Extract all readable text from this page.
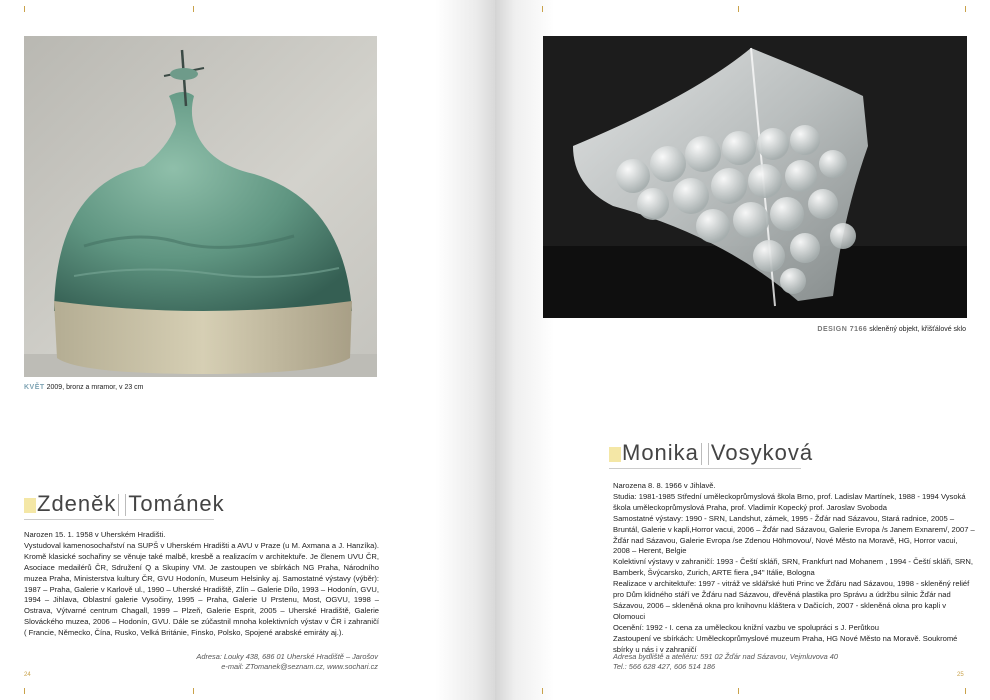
KVĚT 2009, bronz a mramor, v 23 cm
Zdeněk Tománek

Narozen 15. 1. 1958 v Uherském Hradišti.

Vystudoval kamenosochařství na SUPŠ v Uherském Hradišti a AVU v Praze (u M. Axmana a J. Hanzíka). Kromě klasické sochařiny se věnuje také malbě, kresbě a realizacím v architektuře. Je členem UVU ČR, Asociace medailérů ČR, Sdružení Q a Skupiny VM. Je zastoupen ve sbírkách NG Praha, Národního muzea Praha, Ministerstva kultury ČR, GVU Hodonín, Museum Helsinky aj. Samostatné výstavy (výběr): 1987 – Praha, Galerie v Karlově ul., 1990 – Uherské Hradiště, Zlín – Galerie Dílo, 1993 – Hodonín, GVU, 1994 – Jihlava, Oblastní galerie Vysočiny, 1995 – Praha, Galerie U Prstenu, Most, OGVU, 1998 – Ostrava, Výtvarné centrum Chagall, 1999 – Plzeň, Galerie Esprit, 2005 – Uherské Hradiště, Galerie Slováckého muzea, 2006 – Hodonín, GVU. Dále se zúčastnil mnoha kolektivních výstav v ČR i zahraničí ( Francie, Německo, Čína, Rusko, Velká Británie, Finsko, Polsko, Spojené arabské emiráty aj.).

Adresa: Louky 438, 686 01 Uherské Hradiště – Jarošov
e-mail: ZTomanek@seznam.cz, www.sochari.cz
24
DESIGN 7166 skleněný objekt, křišťálové sklo
Monika Vosyková

Narozena 8. 8. 1966 v Jihlavě.

Studia: 1981-1985 Střední uměleckoprůmyslová škola Brno, prof. Ladislav Martínek, 1988 - 1994 Vysoká škola uměleckoprůmyslová Praha, prof. Vladimír Kopecký prof. Jaroslav Svoboda

Samostatné výstavy: 1990 - SRN, Landshut, zámek, 1995 - Žďár nad Sázavou, Stará radnice, 2005 – Bruntál, Galerie v kapli,Horror vacui, 2006 – Žďár nad Sázavou, Galerie Evropa /s Janem Exnarem/, 2007 – Žďár nad Sázavou, Galerie Evropa /se Zdenou Höhmovou/, Nové Město na Moravě, HG, Horror vacui, 2008 – Herent, Belgie

Kolektivní výstavy v zahraničí: 1993 - Čeští skláři, SRN, Frankfurt nad Mohanem , 1994 - Čeští skláři, SRN, Bamberk, Švýcarsko, Zurich, ARTE fiera „94" Itálie, Bologna

Realizace v architektuře: 1997 - vitráž ve sklářské huti Princ ve Žďáru nad Sázavou, 1998 - skleněný reliéf pro Dům klidného stáří ve Žďáru nad Sázavou, dřevěná plastika pro Správu a údržbu silnic Žďár nad Sázavou, 2006 – skleněná okna pro knihovnu kláštera v Dačicích, 2007 - skleněná okna pro kapli v Olomouci

Ocenění: 1992 - I. cena za uměleckou knižní vazbu ve spolupráci s J. Perůtkou

Zastoupení ve sbírkách: Uměleckoprůmyslové muzeum Praha, HG Nové Město na Moravě. Soukromé sbírky u nás i v zahraničí

Adresa bydliště a ateliéru: 591 02 Žďár nad Sázavou, Vejmluvova 40
Tel.: 566 628 427, 606 514 186
25
